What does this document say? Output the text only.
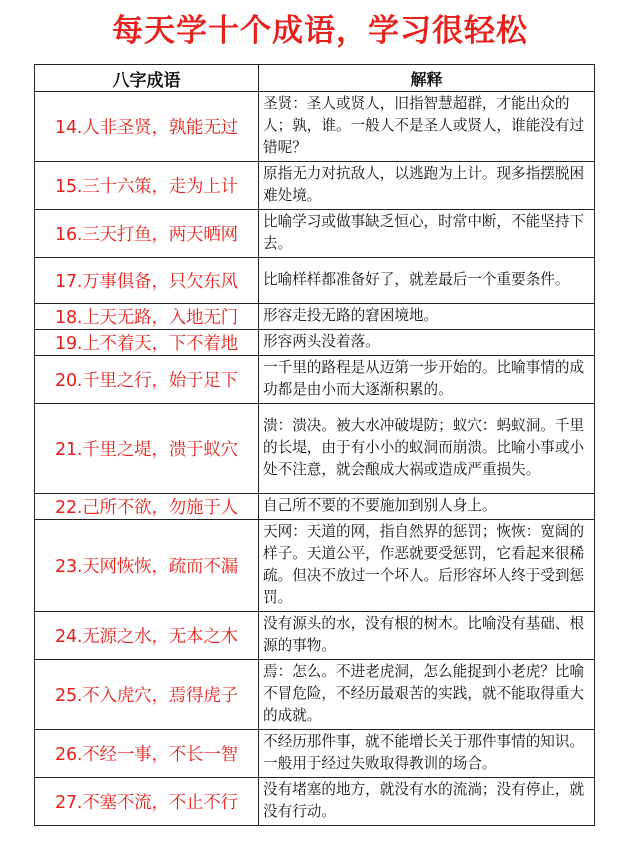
每天学十个成语，学习很轻松
八字成语	解释
14.人非圣贤，孰能无过	圣贤：圣人或贤人，旧指智慧超群，才能出众的人；孰，谁。一般人不是圣人或贤人，谁能没有过错呢？
15.三十六策，走为上计	原指无力对抗敌人，以逃跑为上计。现多指摆脱困难处境。
16.三天打鱼，两天晒网	比喻学习或做事缺乏恒心，时常中断，不能坚持下去。
17.万事俱备，只欠东风	比喻样样都准备好了，就差最后一个重要条件。
18.上天无路，入地无门	形容走投无路的窘困境地。
19.上不着天，下不着地	形容两头没着落。
20.千里之行，始于足下	一千里的路程是从迈第一步开始的。比喻事情的成功都是由小而大逐渐积累的。
21.千里之堤，溃于蚁穴	溃：溃决。被大水冲破堤防；蚁穴：蚂蚁洞。千里的长堤，由于有小小的蚁洞而崩溃。比喻小事或小处不注意，就会酿成大祸或造成严重损失。
22.己所不欲，勿施于人	自己所不要的不要施加到别人身上。
23.天网恢恢，疏而不漏	天网：天道的网，指自然界的惩罚；恢恢：宽阔的样子。天道公平，作恶就要受惩罚，它看起来很稀疏。但决不放过一个坏人。后形容坏人终于受到惩罚。
24.无源之水，无本之木	没有源头的水，没有根的树木。比喻没有基础、根源的事物。
25.不入虎穴，焉得虎子	焉：怎么。不进老虎洞，怎么能捉到小老虎？比喻不冒危险，不经历最艰苦的实践，就不能取得重大的成就。
26.不经一事，不长一智	不经历那件事，就不能增长关于那件事情的知识。一般用于经过失败取得教训的场合。
27.不塞不流，不止不行	没有堵塞的地方，就没有水的流淌；没有停止，就没有行动。
